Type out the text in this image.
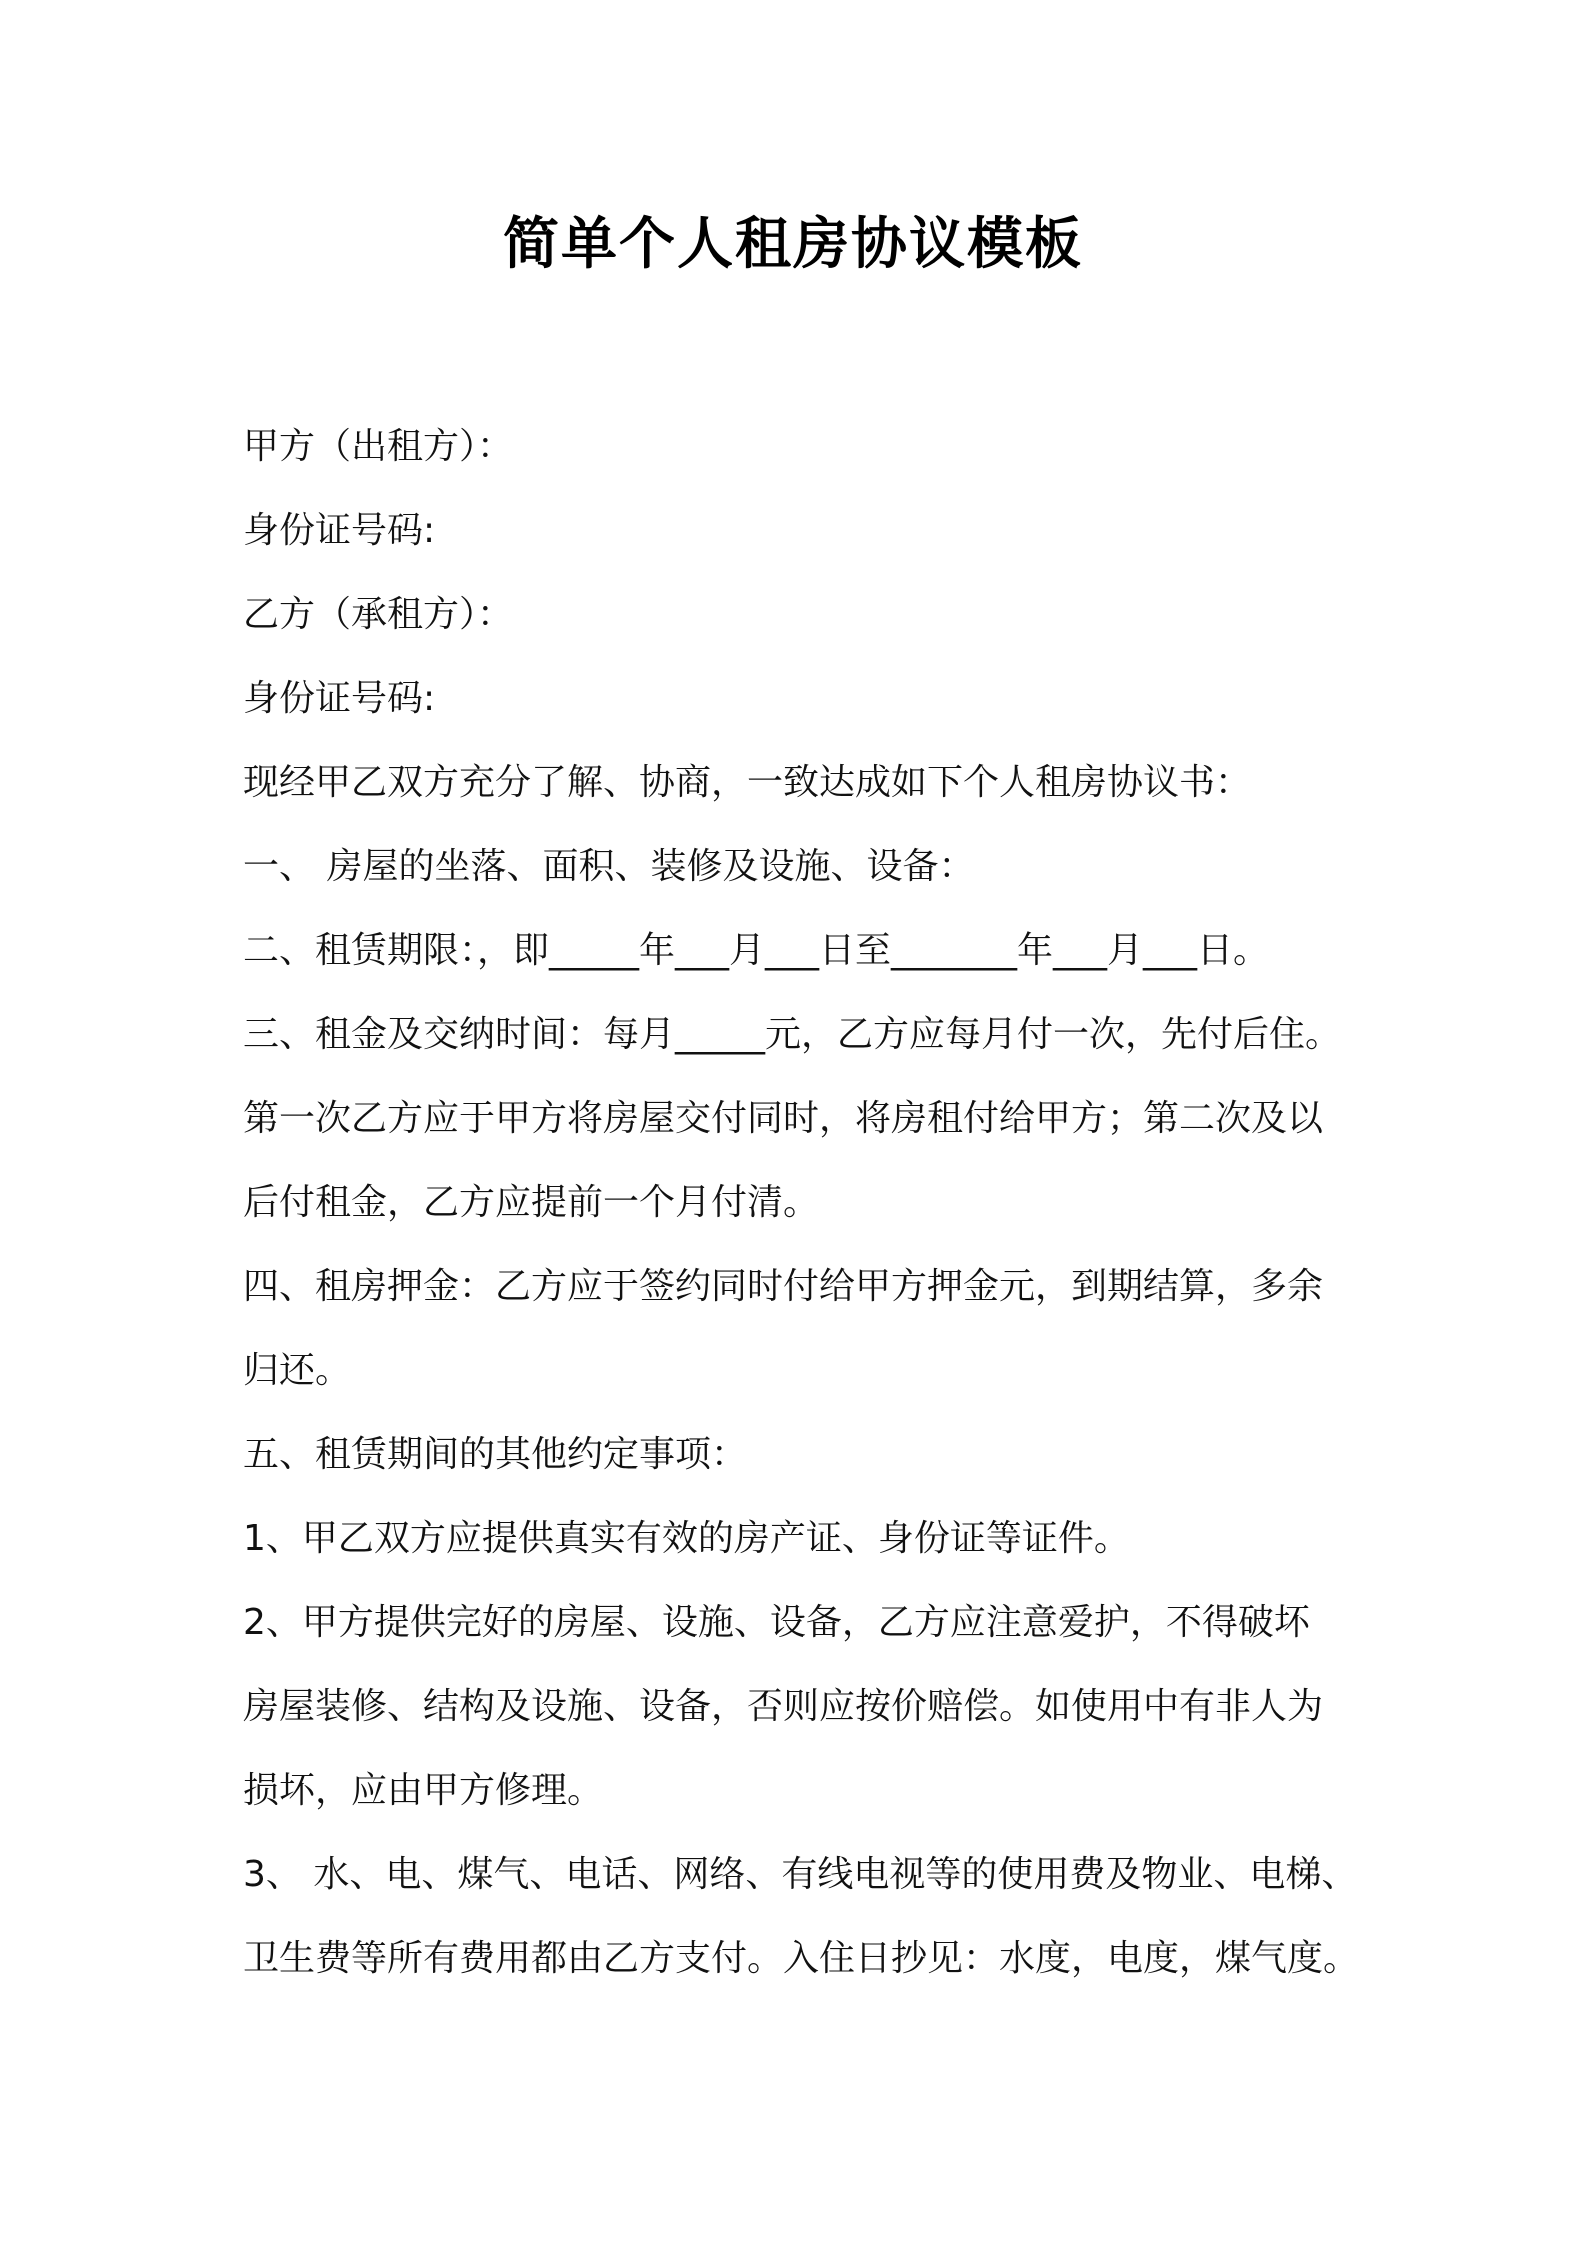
简单个人租房协议模板
甲方（出租方）：
身份证号码:
乙方（承租方）：
身份证号码:
现经甲乙双方充分了解、协商，一致达成如下个人租房协议书：
一、 房屋的坐落、面积、装修及设施、设备：
二、租赁期限：，即_____年___月___日至_______年___月___日。
三、租金及交纳时间：每月_____元，乙方应每月付一次，先付后住。
第一次乙方应于甲方将房屋交付同时，将房租付给甲方；第二次及以
后付租金，乙方应提前一个月付清。
四、租房押金：乙方应于签约同时付给甲方押金元，到期结算，多余
归还。
五、租赁期间的其他约定事项：
1、甲乙双方应提供真实有效的房产证、身份证等证件。
2、甲方提供完好的房屋、设施、设备，乙方应注意爱护，不得破坏
房屋装修、结构及设施、设备，否则应按价赔偿。如使用中有非人为
损坏，应由甲方修理。
3、 水、电、煤气、电话、网络、有线电视等的使用费及物业、电梯、
卫生费等所有费用都由乙方支付。入住日抄见：水度，电度，煤气度。
